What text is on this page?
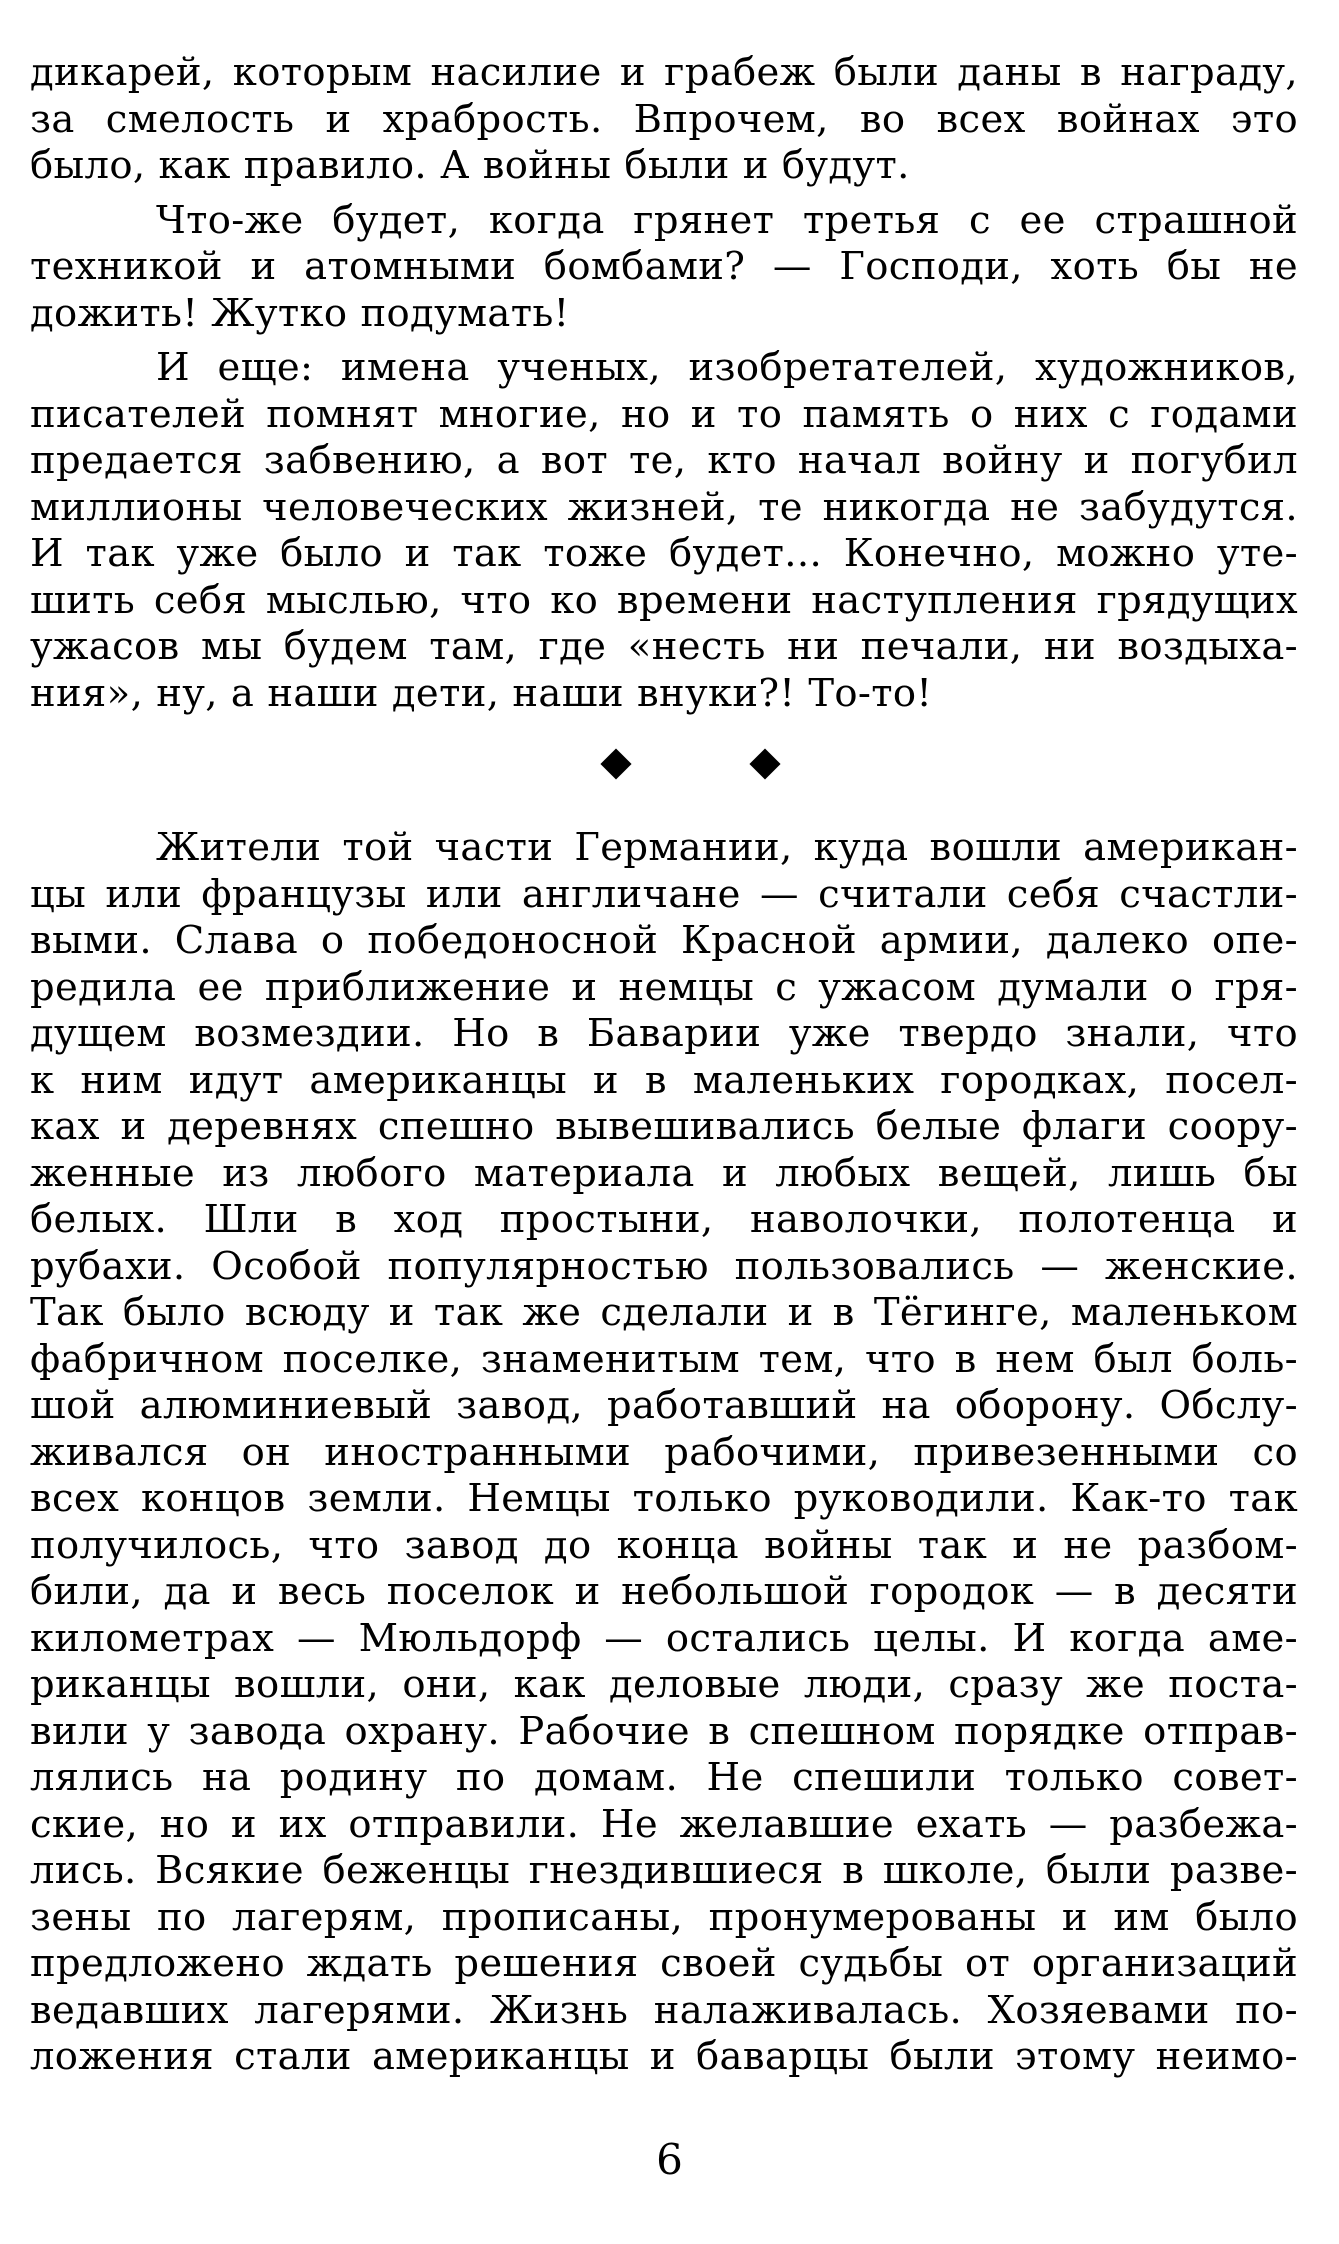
дикарей, которым насилие и грабеж были даны в награду,
за смелость и храбрость. Впрочем, во всех войнах это
было, как правило. А войны были и будут.

Что-же будет, когда грянет третья с ее страшной
техникой и атомными бомбами? — Господи, хоть бы не
дожить! Жутко подумать!

И еще: имена ученых, изобретателей, художников,
писателей помнят многие, но и то память о них с годами
предается забвению, а вот те, кто начал войну и погубил
миллионы человеческих жизней, те никогда не забудутся.
И так уже было и так тоже будет... Конечно, можно уте-
шить себя мыслью, что ко времени наступления грядущих
ужасов мы будем там, где «несть ни печали, ни воздыха-
ния», ну, а наши дети, наши внуки?! То-то!

Жители той части Германии, куда вошли американ-
цы или французы или англичане — считали себя счастли-
выми. Слава о победоносной Красной армии, далеко опе-
редила ее приближение и немцы с ужасом думали о гря-
дущем возмездии. Но в Баварии уже твердо знали, что
к ним идут американцы и в маленьких городках, посел-
ках и деревнях спешно вывешивались белые флаги соору-
женные из любого материала и любых вещей, лишь бы
белых. Шли в ход простыни, наволочки, полотенца и
рубахи. Особой популярностью пользовались — женские.
Так было всюду и так же сделали и в Тёгинге, маленьком
фабричном поселке, знаменитым тем, что в нем был боль-
шой алюминиевый завод, работавший на оборону. Обслу-
живался он иностранными рабочими, привезенными со
всех концов земли. Немцы только руководили. Как-то так
получилось, что завод до конца войны так и не разбом-
били, да и весь поселок и небольшой городок — в десяти
километрах — Мюльдорф — остались целы. И когда аме-
риканцы вошли, они, как деловые люди, сразу же поста-
вили у завода охрану. Рабочие в спешном порядке отправ-
лялись на родину по домам. Не спешили только совет-
ские, но и их отправили. Не желавшие ехать — разбежа-
лись. Всякие беженцы гнездившиеся в школе, были разве-
зены по лагерям, прописаны, пронумерованы и им было
предложено ждать решения своей судьбы от организаций
ведавших лагерями. Жизнь налаживалась. Хозяевами по-
ложения стали американцы и баварцы были этому неимо-

6
